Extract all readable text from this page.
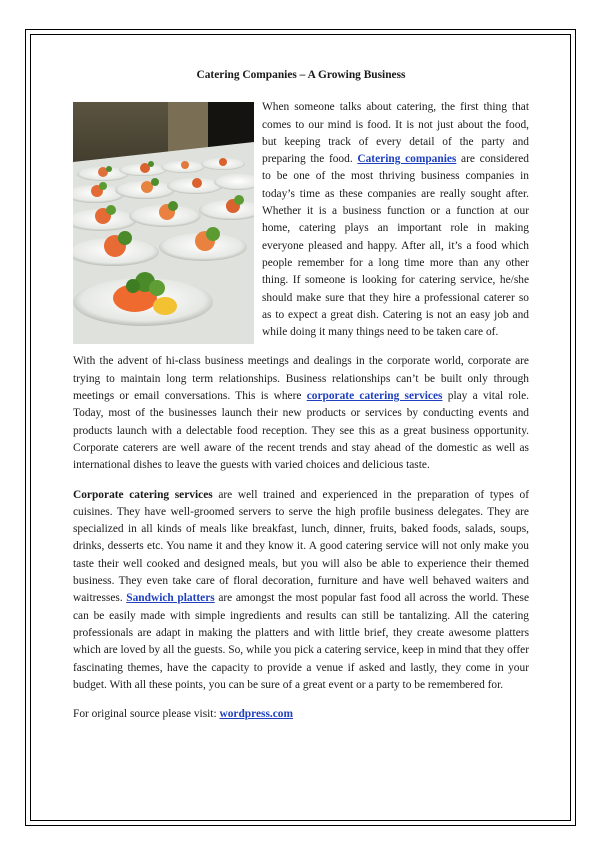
Catering Companies – A Growing Business

When someone talks about catering, the first thing that comes to our mind is food. It is not just about the food, but keeping track of every detail of the party and preparing the food. Catering companies are considered to be one of the most thriving business companies in today’s time as these companies are really sought after. Whether it is a business function or a function at our home, catering plays an important role in making everyone pleased and happy. After all, it’s a food which people remember for a long time more than any other thing. If someone is looking for catering service, he/she should make sure that they hire a professional caterer so as to expect a great dish. Catering is not an easy job and while doing it many things need to be taken care of.

With the advent of hi-class business meetings and dealings in the corporate world, corporate are trying to maintain long term relationships. Business relationships can’t be built only through meetings or email conversations. This is where corporate catering services play a vital role. Today, most of the businesses launch their new products or services by conducting events and products launch with a delectable food reception. They see this as a great business opportunity. Corporate caterers are well aware of the recent trends and stay ahead of the domestic as well as international dishes to leave the guests with varied choices and delicious taste.

Corporate catering services are well trained and experienced in the preparation of types of cuisines. They have well-groomed servers to serve the high profile business delegates. They are specialized in all kinds of meals like breakfast, lunch, dinner, fruits, baked foods, salads, soups, drinks, desserts etc. You name it and they know it. A good catering service will not only make you taste their well cooked and designed meals, but you will also be able to experience their themed business. They even take care of floral decoration, furniture and have well behaved waiters and waitresses. Sandwich platters are amongst the most popular fast food all across the world. These can be easily made with simple ingredients and results can still be tantalizing. All the catering professionals are adapt in making the platters and with little brief, they create awesome platters which are loved by all the guests. So, while you pick a catering service, keep in mind that they offer fascinating themes, have the capacity to provide a venue if asked and lastly, they come in your budget. With all these points, you can be sure of a great event or a party to be remembered for.

For original source please visit: wordpress.com
